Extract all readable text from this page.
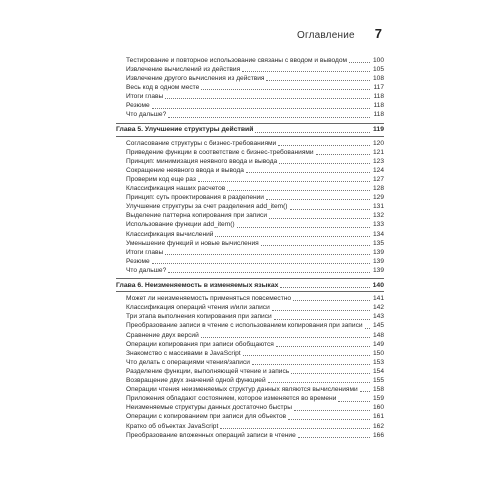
Оглавление 7
Тестирование и повторное использование связаны с вводом и выводом	100
Извлечение вычислений из действия	105
Извлечение другого вычисления из действия	108
Весь код в одном месте	117
Итоги главы	118
Резюме	118
Что дальше?	118
Глава 5. Улучшение структуры действий	119
Согласование структуры с бизнес-требованиями	120
Приведение функции в соответствие с бизнес-требованиями	121
Принцип: минимизация неявного ввода и вывода	123
Сокращение неявного ввода и вывода	124
Проверим код еще раз	127
Классификация наших расчетов	128
Принцип: суть проектирования в разделении	129
Улучшение структуры за счет разделения add_item()	131
Выделение паттерна копирования при записи	132
Использование функции add_item()	133
Классификация вычислений	134
Уменьшение функций и новые вычисления	135
Итоги главы	139
Резюме	139
Что дальше?	139
Глава 6. Неизменяемость в изменяемых языках	140
Может ли неизменяемость применяться повсеместно	141
Классификация операций чтения и/или записи	142
Три этапа выполнения копирования при записи	143
Преобразование записи в чтение с использованием копирования при записи	145
Сравнение двух версий	148
Операции копирования при записи обобщаются	149
Знакомство с массивами в JavaScript	150
Что делать с операциями чтения/записи	153
Разделение функции, выполняющей чтение и запись	154
Возвращение двух значений одной функцией	155
Операции чтения неизменяемых структур данных являются вычислениями	158
Приложения обладают состоянием, которое изменяется во времени	159
Неизменяемые структуры данных достаточно быстры	160
Операции с копированием при записи для объектов	161
Кратко об объектах JavaScript	162
Преобразование вложенных операций записи в чтение	166
